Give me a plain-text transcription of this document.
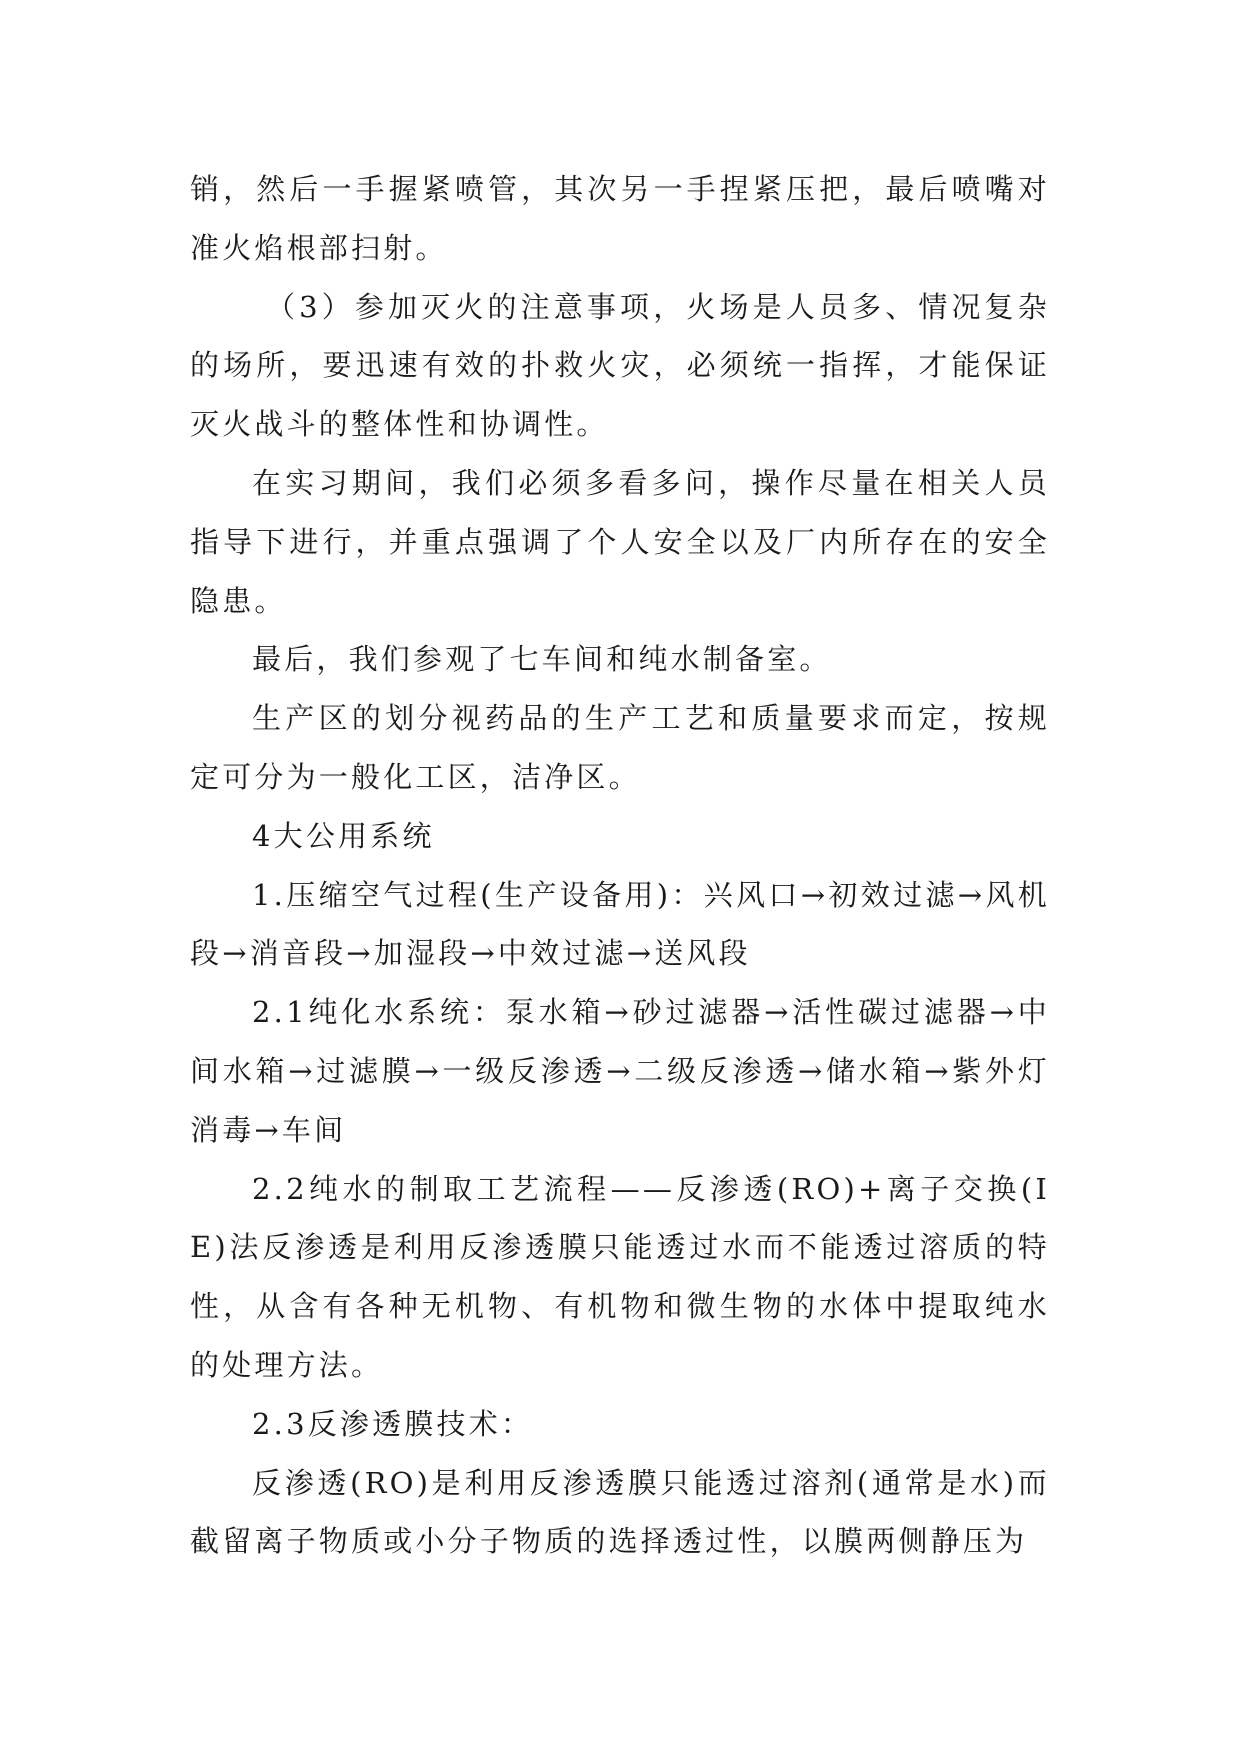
销，然后一手握紧喷管，其次另一手捏紧压把，最后喷嘴对准火焰根部扫射。

（3）参加灭火的注意事项，火场是人员多、情况复杂的场所，要迅速有效的扑救火灾，必须统一指挥，才能保证灭火战斗的整体性和协调性。

在实习期间，我们必须多看多问，操作尽量在相关人员指导下进行，并重点强调了个人安全以及厂内所存在的安全隐患。

最后，我们参观了七车间和纯水制备室。

生产区的划分视药品的生产工艺和质量要求而定，按规定可分为一般化工区，洁净区。

4大公用系统

1.压缩空气过程(生产设备用)：兴风口→初效过滤→风机段→消音段→加湿段→中效过滤→送风段

2.1纯化水系统：泵水箱→砂过滤器→活性碳过滤器→中间水箱→过滤膜→一级反渗透→二级反渗透→储水箱→紫外灯消毒→车间

2.2纯水的制取工艺流程——反渗透(RO)+离子交换(IE)法反渗透是利用反渗透膜只能透过水而不能透过溶质的特性，从含有各种无机物、有机物和微生物的水体中提取纯水的处理方法。

2.3反渗透膜技术：

反渗透(RO)是利用反渗透膜只能透过溶剂(通常是水)而截留离子物质或小分子物质的选择透过性，以膜两侧静压为
